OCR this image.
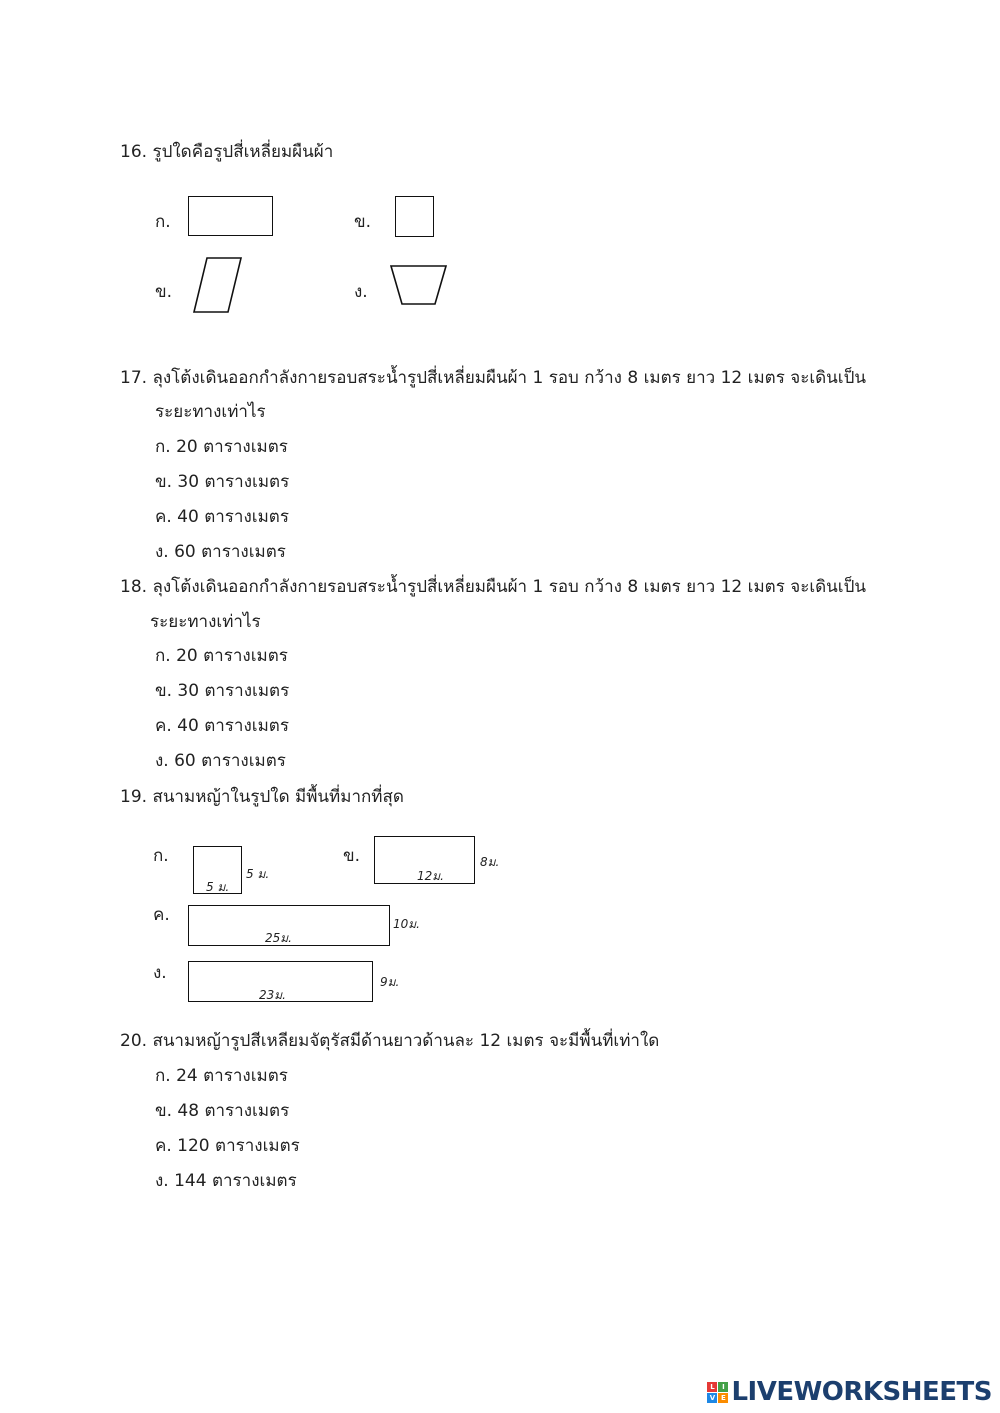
16. รูปใดคือรูปสี่เหลี่ยมผืนผ้า
ก.	ข.
ข.	ง.
17. ลุงโต้งเดินออกกำลังกายรอบสระน้ำรูปสี่เหลี่ยมผืนผ้า 1 รอบ กว้าง 8 เมตร ยาว 12 เมตร จะเดินเป็น
ระยะทางเท่าไร
ก. 20 ตารางเมตร
ข. 30 ตารางเมตร
ค. 40 ตารางเมตร
ง. 60 ตารางเมตร
18. ลุงโต้งเดินออกกำลังกายรอบสระน้ำรูปสี่เหลี่ยมผืนผ้า 1 รอบ กว้าง 8 เมตร ยาว 12 เมตร จะเดินเป็น
ระยะทางเท่าไร
ก. 20 ตารางเมตร
ข. 30 ตารางเมตร
ค. 40 ตารางเมตร
ง. 60 ตารางเมตร
19. สนามหญ้าในรูปใด มีพื้นที่มากที่สุด
ก.
5 ม.
5 ม.
ข.
12ม.
8ม.
ค.
25ม.
10ม.
ง.
23ม.
9ม.
20. สนามหญ้ารูปสีเหลียมจัตุรัสมีด้านยาวด้านละ 12 เมตร จะมีพื้นที่เท่าใด
ก. 24 ตารางเมตร
ข. 48 ตารางเมตร
ค. 120 ตารางเมตร
ง. 144 ตารางเมตร
L	I
V E LIVEWORKSHEETS
